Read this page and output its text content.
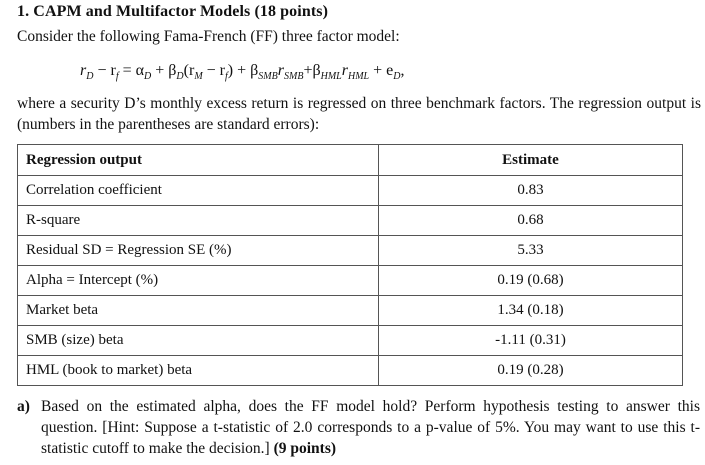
1. CAPM and Multifactor Models (18 points)
Consider the following Fama-French (FF) three factor model:
$r_D - r_f = \alpha_D + \beta_D(r_M - r_f) + \beta_{SMB}r_{SMB}+\beta_{HML}r_{HML} + e_D$,
where a security D’s monthly excess return is regressed on three benchmark factors. The regression output is (numbers in the parentheses are standard errors):
Regression output	Estimate
Correlation coefficient	0.83
R-square	0.68
Residual SD = Regression SE (%)	5.33
Alpha = Intercept (%)	0.19 (0.68)
Market beta	1.34 (0.18)
SMB (size) beta	-1.11 (0.31)
HML (book to market) beta	0.19 (0.28)
a) Based on the estimated alpha, does the FF model hold? Perform hypothesis testing to answer this question. [Hint: Suppose a t-statistic of 2.0 corresponds to a p-value of 5%. You may want to use this t-statistic cutoff to make the decision.] (9 points)
